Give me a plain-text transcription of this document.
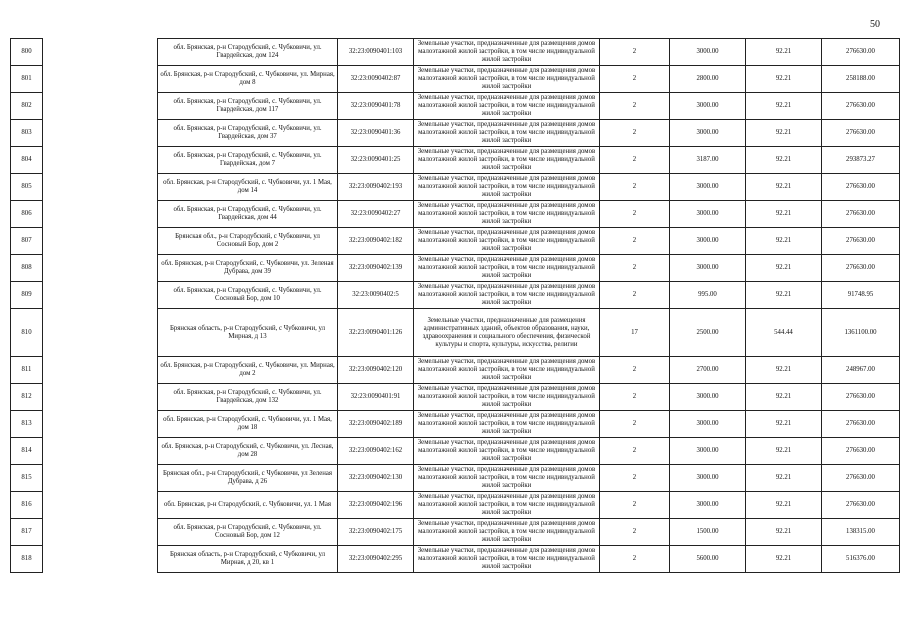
50
800		обл. Брянская, р-н Стародубский, с. Чубковичи, ул. Гвардейская, дом 124	32:23:0090401:103	Земельные участки, предназначенные для размещения домов малоэтажной жилой застройки, в том числе индивидуальной жилой застройки	2	3000.00	92.21	276630.00
801		обл. Брянская, р-н Стародубский, с. Чубковичи, ул. Мирная, дом 8	32:23:0090402:87	Земельные участки, предназначенные для размещения домов малоэтажной жилой застройки, в том числе индивидуальной жилой застройки	2	2800.00	92.21	258188.00
802		обл. Брянская, р-н Стародубский, с. Чубковичи, ул. Гвардейская, дом 117	32:23:0090401:78	Земельные участки, предназначенные для размещения домов малоэтажной жилой застройки, в том числе индивидуальной жилой застройки	2	3000.00	92.21	276630.00
803		обл. Брянская, р-н Стародубский, с. Чубковичи, ул. Гвардейская, дом 37	32:23:0090401:36	Земельные участки, предназначенные для размещения домов малоэтажной жилой застройки, в том числе индивидуальной жилой застройки	2	3000.00	92.21	276630.00
804		обл. Брянская, р-н Стародубский, с. Чубковичи, ул. Гвардейская, дом 7	32:23:0090401:25	Земельные участки, предназначенные для размещения домов малоэтажной жилой застройки, в том числе индивидуальной жилой застройки	2	3187.00	92.21	293873.27
805		обл. Брянская, р-н Стародубский, с. Чубковичи, ул. 1 Мая, дом 14	32:23:0090402:193	Земельные участки, предназначенные для размещения домов малоэтажной жилой застройки, в том числе индивидуальной жилой застройки	2	3000.00	92.21	276630.00
806		обл. Брянская, р-н Стародубский, с. Чубковичи, ул. Гвардейская, дом 44	32:23:0090402:27	Земельные участки, предназначенные для размещения домов малоэтажной жилой застройки, в том числе индивидуальной жилой застройки	2	3000.00	92.21	276630.00
807		Брянская обл., р-н Стародубский, с Чубковичи, ул Сосновый Бор, дом 2	32:23:0090402:182	Земельные участки, предназначенные для размещения домов малоэтажной жилой застройки, в том числе индивидуальной жилой застройки	2	3000.00	92.21	276630.00
808		обл. Брянская, р-н Стародубский, с. Чубковичи, ул. Зеленая Дубрава, дом 39	32:23:0090402:139	Земельные участки, предназначенные для размещения домов малоэтажной жилой застройки, в том числе индивидуальной жилой застройки	2	3000.00	92.21	276630.00
809		обл. Брянская, р-н Стародубский, с. Чубковичи, ул. Сосновый Бор, дом 10	32:23:0090402:5	Земельные участки, предназначенные для размещения домов малоэтажной жилой застройки, в том числе индивидуальной жилой застройки	2	995.00	92.21	91748.95
810		Брянская область, р-н Стародубский, с Чубковичи, ул Мирная, д 13	32:23:0090401:126	Земельные участки, предназначенные для размещения административных зданий, объектов образования, науки, здравоохранения и социального обеспечения, физической культуры и спорта, культуры, искусства, религии	17	2500.00	544.44	1361100.00
811		обл. Брянская, р-н Стародубский, с. Чубковичи, ул. Мирная, дом 2	32:23:0090402:120	Земельные участки, предназначенные для размещения домов малоэтажной жилой застройки, в том числе индивидуальной жилой застройки	2	2700.00	92.21	248967.00
812		обл. Брянская, р-н Стародубский, с. Чубковичи, ул. Гвардейская, дом 132	32:23:0090401:91	Земельные участки, предназначенные для размещения домов малоэтажной жилой застройки, в том числе индивидуальной жилой застройки	2	3000.00	92.21	276630.00
813		обл. Брянская, р-н Стародубский, с. Чубковичи, ул. 1 Мая, дом 18	32:23:0090402:189	Земельные участки, предназначенные для размещения домов малоэтажной жилой застройки, в том числе индивидуальной жилой застройки	2	3000.00	92.21	276630.00
814		обл. Брянская, р-н Стародубский, с. Чубковичи, ул. Лесная, дом 28	32:23:0090402:162	Земельные участки, предназначенные для размещения домов малоэтажной жилой застройки, в том числе индивидуальной жилой застройки	2	3000.00	92.21	276630.00
815		Брянская обл., р-н Стародубский, с Чубковичи, ул Зеленая Дубрава, д 26	32:23:0090402:130	Земельные участки, предназначенные для размещения домов малоэтажной жилой застройки, в том числе индивидуальной жилой застройки	2	3000.00	92.21	276630.00
816		обл. Брянская, р-н Стародубский, с. Чубковичи, ул. 1 Мая	32:23:0090402:196	Земельные участки, предназначенные для размещения домов малоэтажной жилой застройки, в том числе индивидуальной жилой застройки	2	3000.00	92.21	276630.00
817		обл. Брянская, р-н Стародубский, с. Чубковичи, ул. Сосновый Бор, дом 12	32:23:0090402:175	Земельные участки, предназначенные для размещения домов малоэтажной жилой застройки, в том числе индивидуальной жилой застройки	2	1500.00	92.21	138315.00
818		Брянская область, р-н Стародубский, с Чубковичи, ул Мирная, д 20, кв 1	32:23:0090402:295	Земельные участки, предназначенные для размещения домов малоэтажной жилой застройки, в том числе индивидуальной жилой застройки	2	5600.00	92.21	516376.00
